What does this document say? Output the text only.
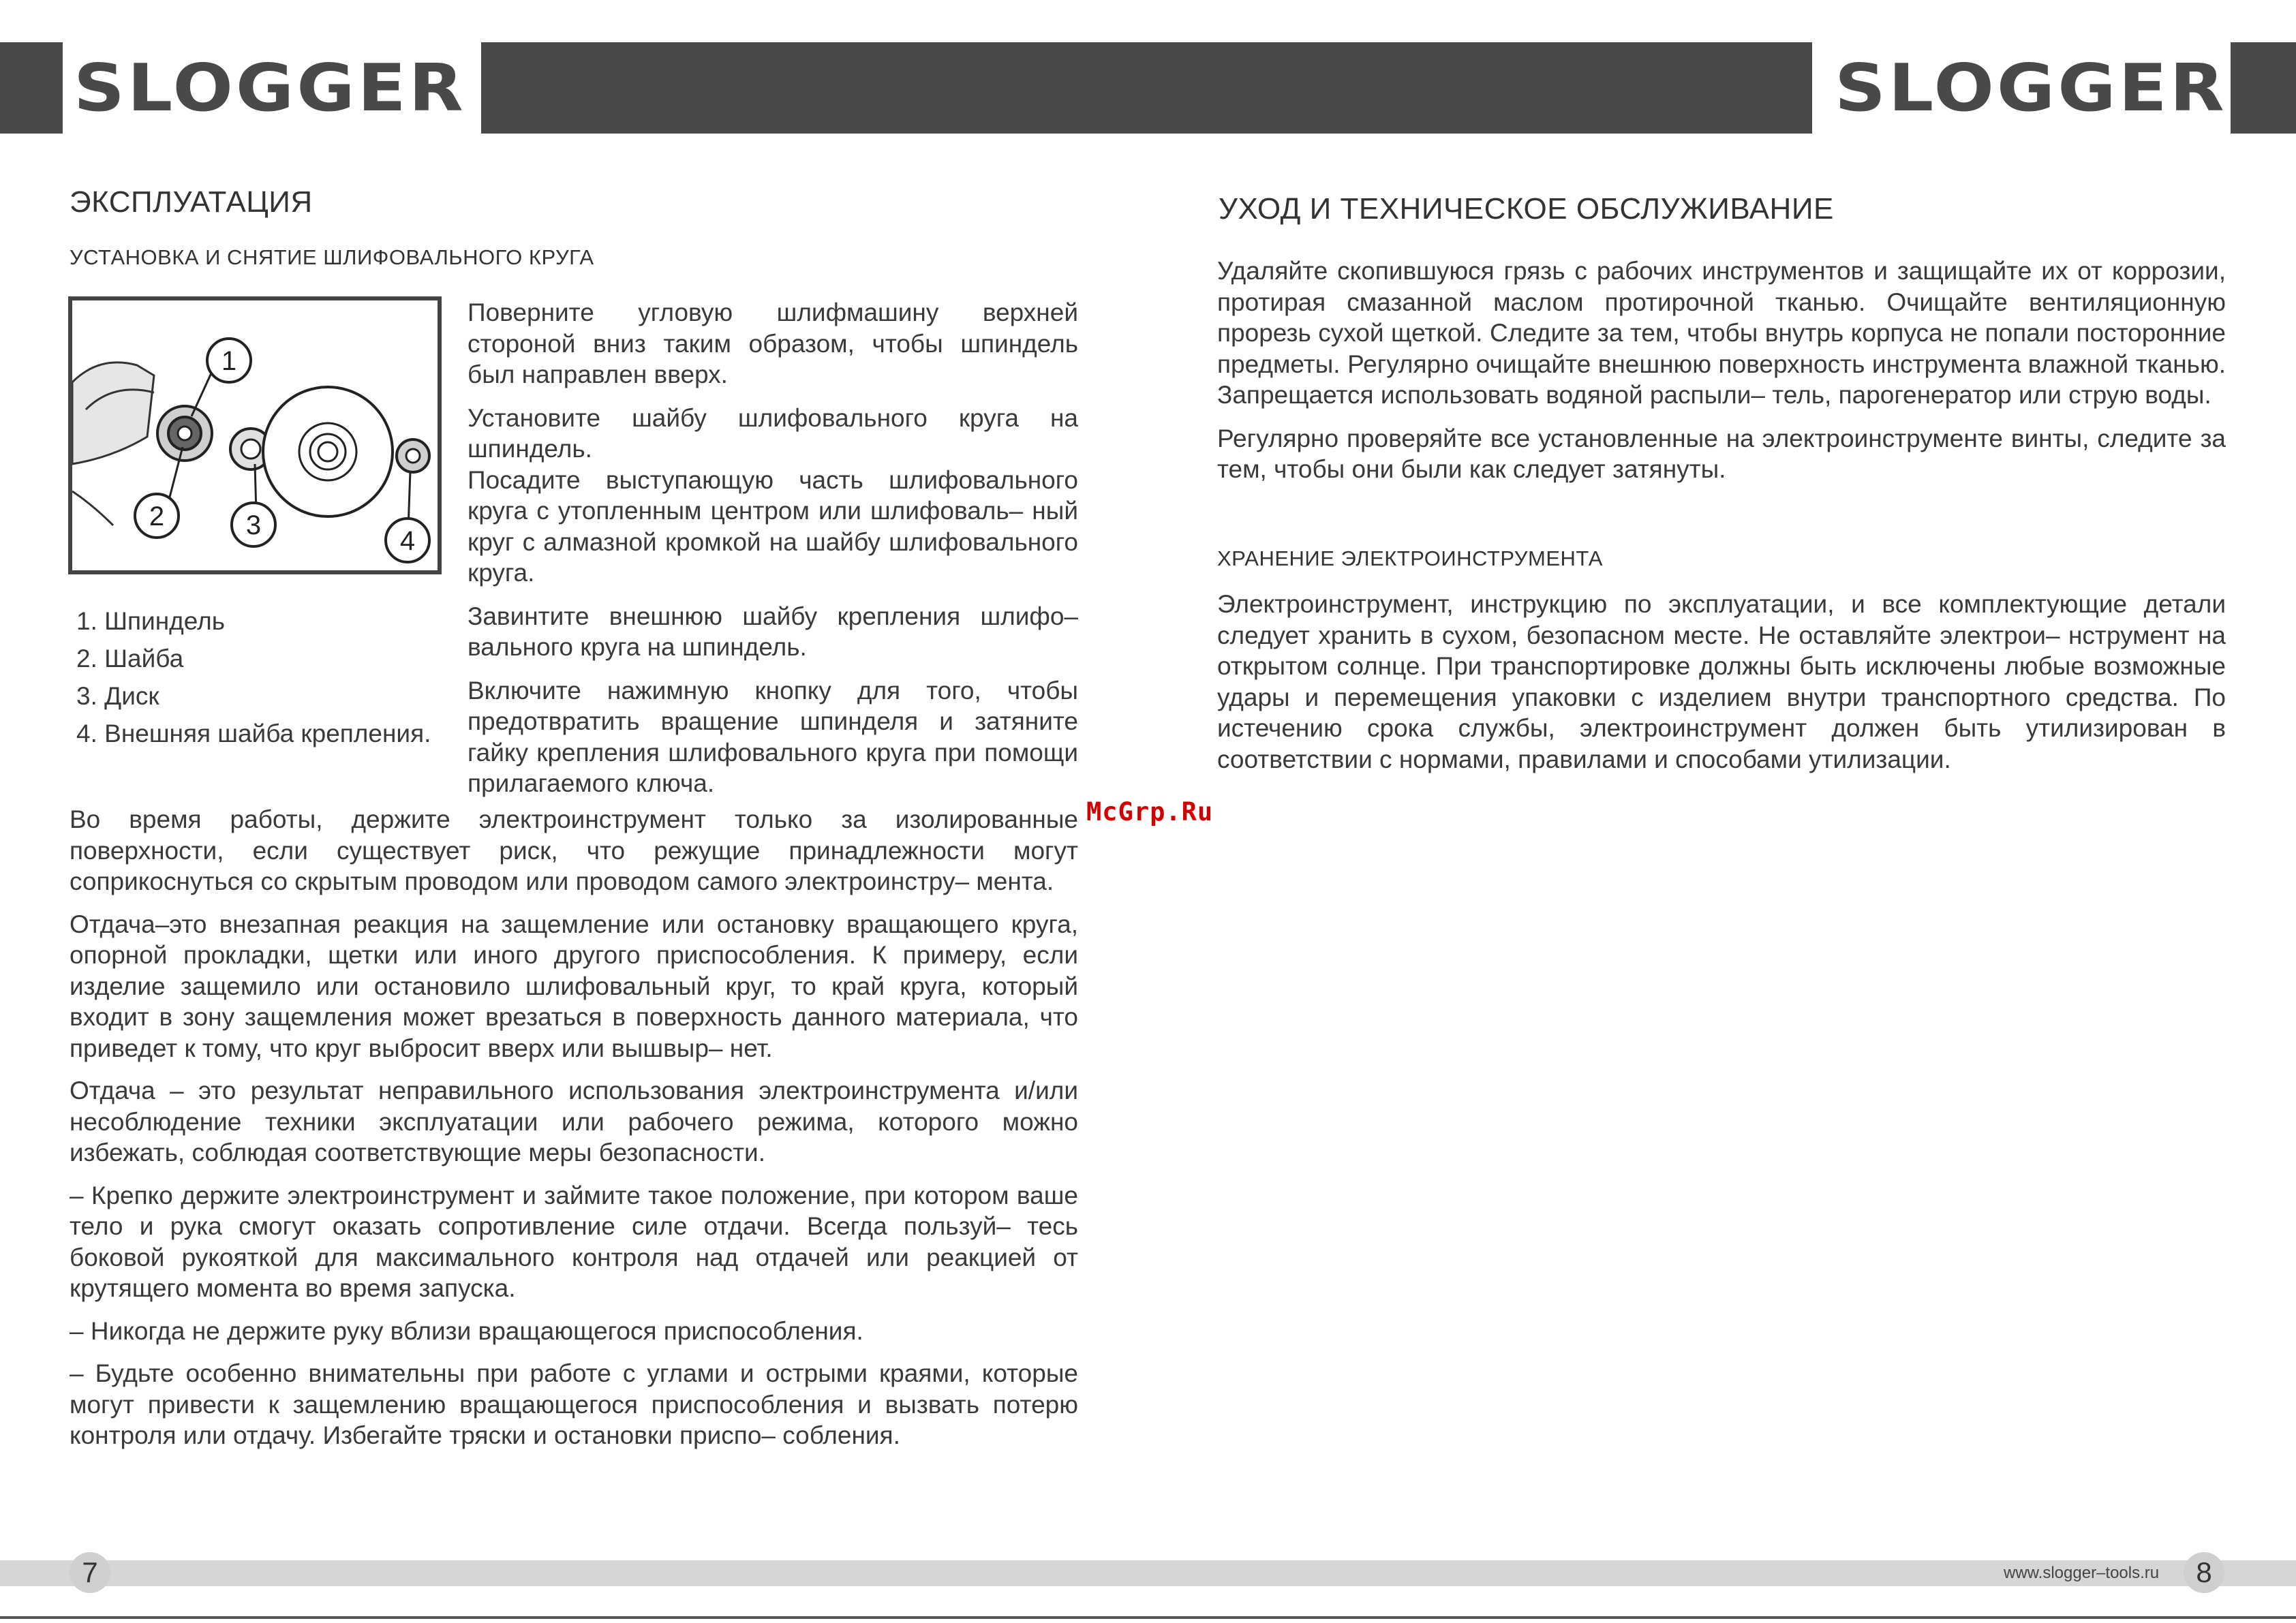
SLOGGER	SLOGGER
ЭКСПЛУАТАЦИЯ
УСТАНОВКА И СНЯТИЕ ШЛИФОВАЛЬНОГО КРУГА
1
2	3
4
1. Шпиндель
2. Шайба
3. Диск
4. Внешняя шайба крепления.

Поверните угловую шлифмашину верхней стороной вниз таким образом, чтобы шпиндель был направлен вверх.

Установите шайбу шлифовального круга на шпиндель.

Посадите выступающую часть шлифовального круга с утопленным центром или шлифоваль– ный круг с алмазной кромкой на шайбу шлифовального круга.

Завинтите внешнюю шайбу крепления шлифо– вального круга на шпиндель.

Включите нажимную кнопку для того, чтобы предотвратить вращение шпинделя и затяните гайку крепления шлифовального круга при помощи прилагаемого ключа.

Во время работы, держите электроинструмент только за изолированные поверхности, если существует риск, что режущие принадлежности могут соприкоснуться со скрытым проводом или проводом самого электроинстру– мента.

Отдача–это внезапная реакция на защемление или остановку вращающего круга, опорной прокладки, щетки или иного другого приспособления. К примеру, если изделие защемило или остановило шлифовальный круг, то край круга, который входит в зону защемления может врезаться в поверхность данного материала, что приведет к тому, что круг выбросит вверх или вышвыр– нет.

Отдача – это результат неправильного использования электроинструмента и/или несоблюдение техники эксплуатации или рабочего режима, которого можно избежать, соблюдая соответствующие меры безопасности.

– Крепко держите электроинструмент и займите такое положение, при котором ваше тело и рука смогут оказать сопротивление силе отдачи. Всегда пользуй– тесь боковой рукояткой для максимального контроля над отдачей или реакцией от крутящего момента во время запуска.

– Никогда не держите руку вблизи вращающегося приспособления.

– Будьте особенно внимательны при работе с углами и острыми краями, которые могут привести к защемлению вращающегося приспособления и вызвать потерю контроля или отдачу. Избегайте тряски и остановки приспо– собления.

McGrp.Ru
УХОД И ТЕХНИЧЕСКОЕ ОБСЛУЖИВАНИЕ

Удаляйте скопившуюся грязь с рабочих инструментов и защищайте их от коррозии, протирая смазанной маслом протирочной тканью. Очищайте вентиляционную прорезь сухой щеткой. Следите за тем, чтобы внутрь корпуса не попали посторонние предметы. Регулярно очищайте внешнюю поверхность инструмента влажной тканью. Запрещается использовать водяной распыли– тель, парогенератор или струю воды.

Регулярно проверяйте все установленные на электроинструменте винты, следите за тем, чтобы они были как следует затянуты.

ХРАНЕНИЕ ЭЛЕКТРОИНСТРУМЕНТА

Электроинструмент, инструкцию по эксплуатации, и все комплектующие детали следует хранить в сухом, безопасном месте. Не оставляйте электрои– нструмент на открытом солнце. При транспортировке должны быть исключены любые возможные удары и перемещения упаковки с изделием внутри транспортного средства. По истечению срока службы, электроинструмент должен быть утилизирован в соответствии с нормами, правилами и способами утилизации.

7	www.slogger–tools.ru	8
